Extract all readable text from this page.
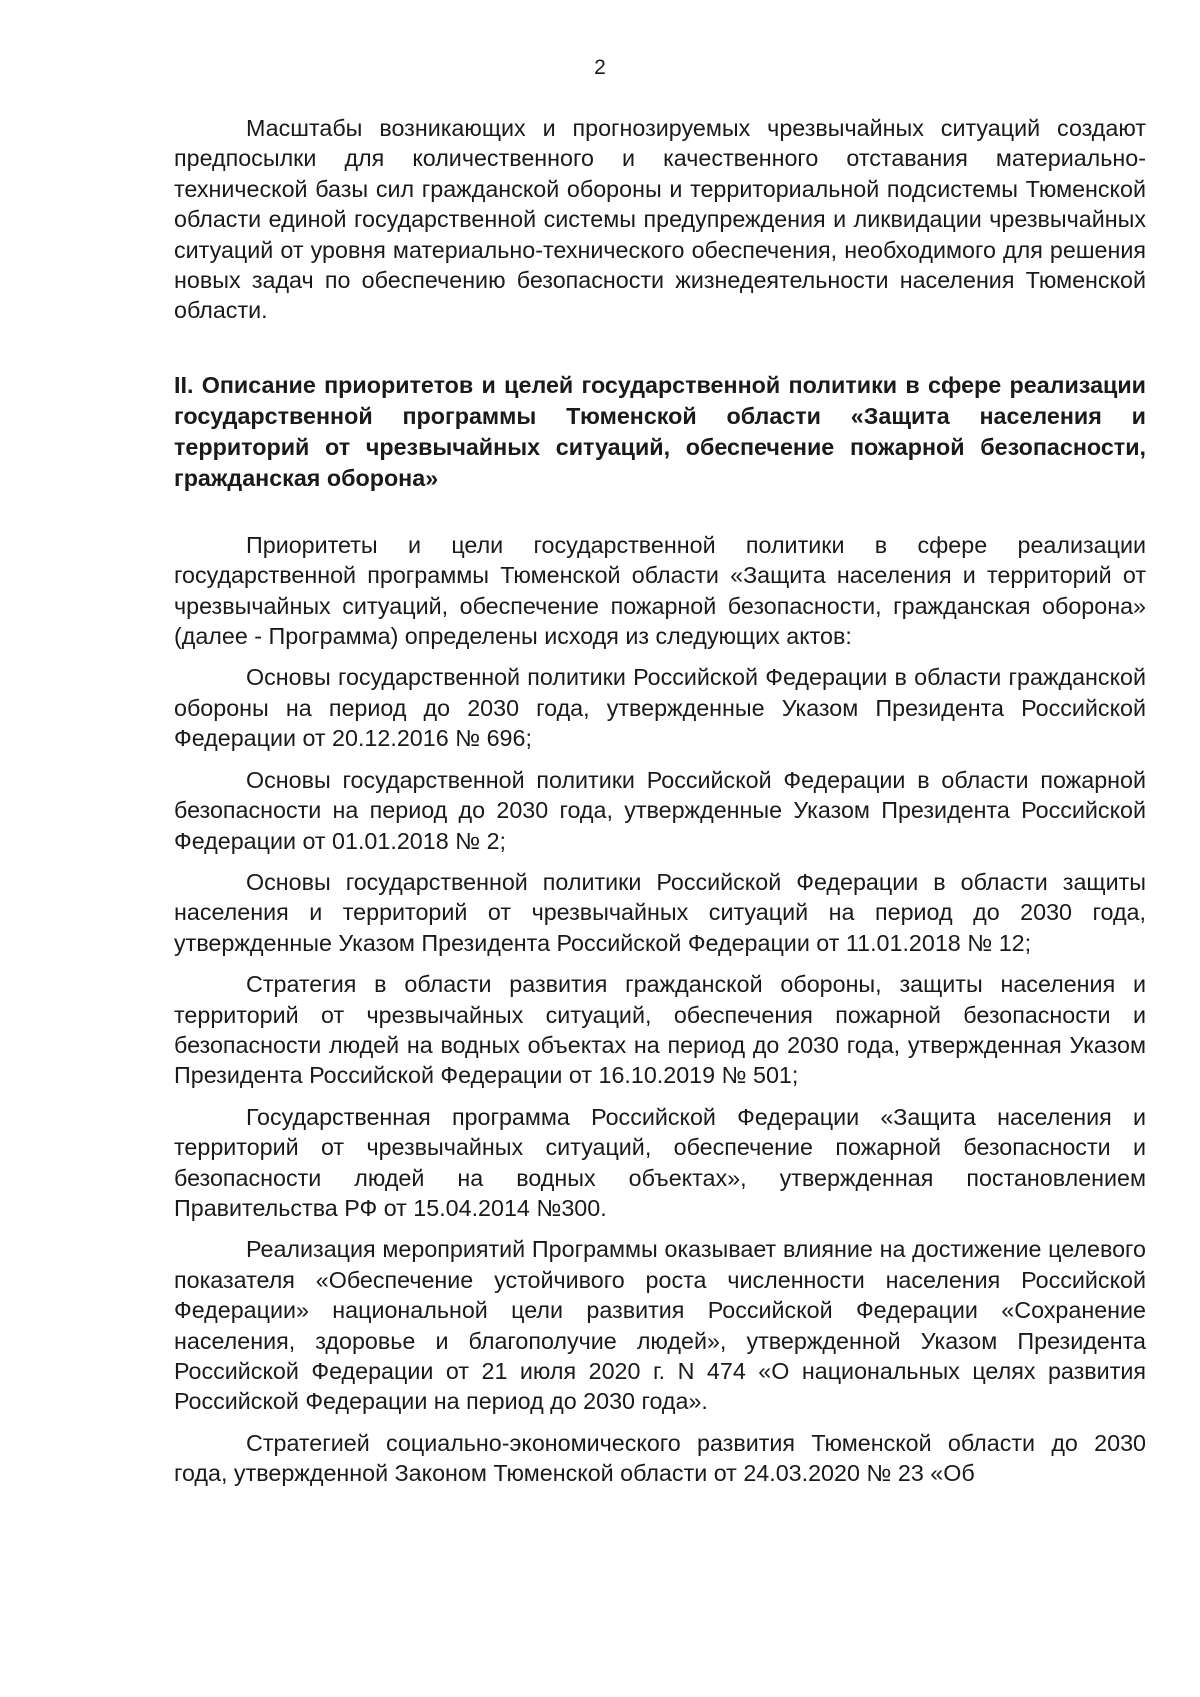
2

Масштабы возникающих и прогнозируемых чрезвычайных ситуаций создают предпосылки для количественного и качественного отставания материально-технической базы сил гражданской обороны и территориальной подсистемы Тюменской области единой государственной системы предупреждения и ликвидации чрезвычайных ситуаций от уровня материально-технического обеспечения, необходимого для решения новых задач по обеспечению безопасности жизнедеятельности населения Тюменской области.

II. Описание приоритетов и целей государственной политики в сфере реализации государственной программы Тюменской области «Защита населения и территорий от чрезвычайных ситуаций, обеспечение пожарной безопасности, гражданская оборона»

Приоритеты и цели государственной политики в сфере реализации государственной программы Тюменской области «Защита населения и территорий от чрезвычайных ситуаций, обеспечение пожарной безопасности, гражданская оборона» (далее - Программа) определены исходя из следующих актов:

Основы государственной политики Российской Федерации в области гражданской обороны на период до 2030 года, утвержденные Указом Президента Российской Федерации от 20.12.2016 № 696;

Основы государственной политики Российской Федерации в области пожарной безопасности на период до 2030 года, утвержденные Указом Президента Российской Федерации от 01.01.2018 № 2;

Основы государственной политики Российской Федерации в области защиты населения и территорий от чрезвычайных ситуаций на период до 2030 года, утвержденные Указом Президента Российской Федерации от 11.01.2018 № 12;

Стратегия в области развития гражданской обороны, защиты населения и территорий от чрезвычайных ситуаций, обеспечения пожарной безопасности и безопасности людей на водных объектах на период до 2030 года, утвержденная Указом Президента Российской Федерации от 16.10.2019 № 501;

Государственная программа Российской Федерации «Защита населения и территорий от чрезвычайных ситуаций, обеспечение пожарной безопасности и безопасности людей на водных объектах», утвержденная постановлением Правительства РФ от 15.04.2014 №300.

Реализация мероприятий Программы оказывает влияние на достижение целевого показателя «Обеспечение устойчивого роста численности населения Российской Федерации» национальной цели развития Российской Федерации «Сохранение населения, здоровье и благополучие людей», утвержденной Указом Президента Российской Федерации от 21 июля 2020 г. N 474 «О национальных целях развития Российской Федерации на период до 2030 года».

Стратегией социально-экономического развития Тюменской области до 2030 года, утвержденной Законом Тюменской области от 24.03.2020 № 23 «Об
